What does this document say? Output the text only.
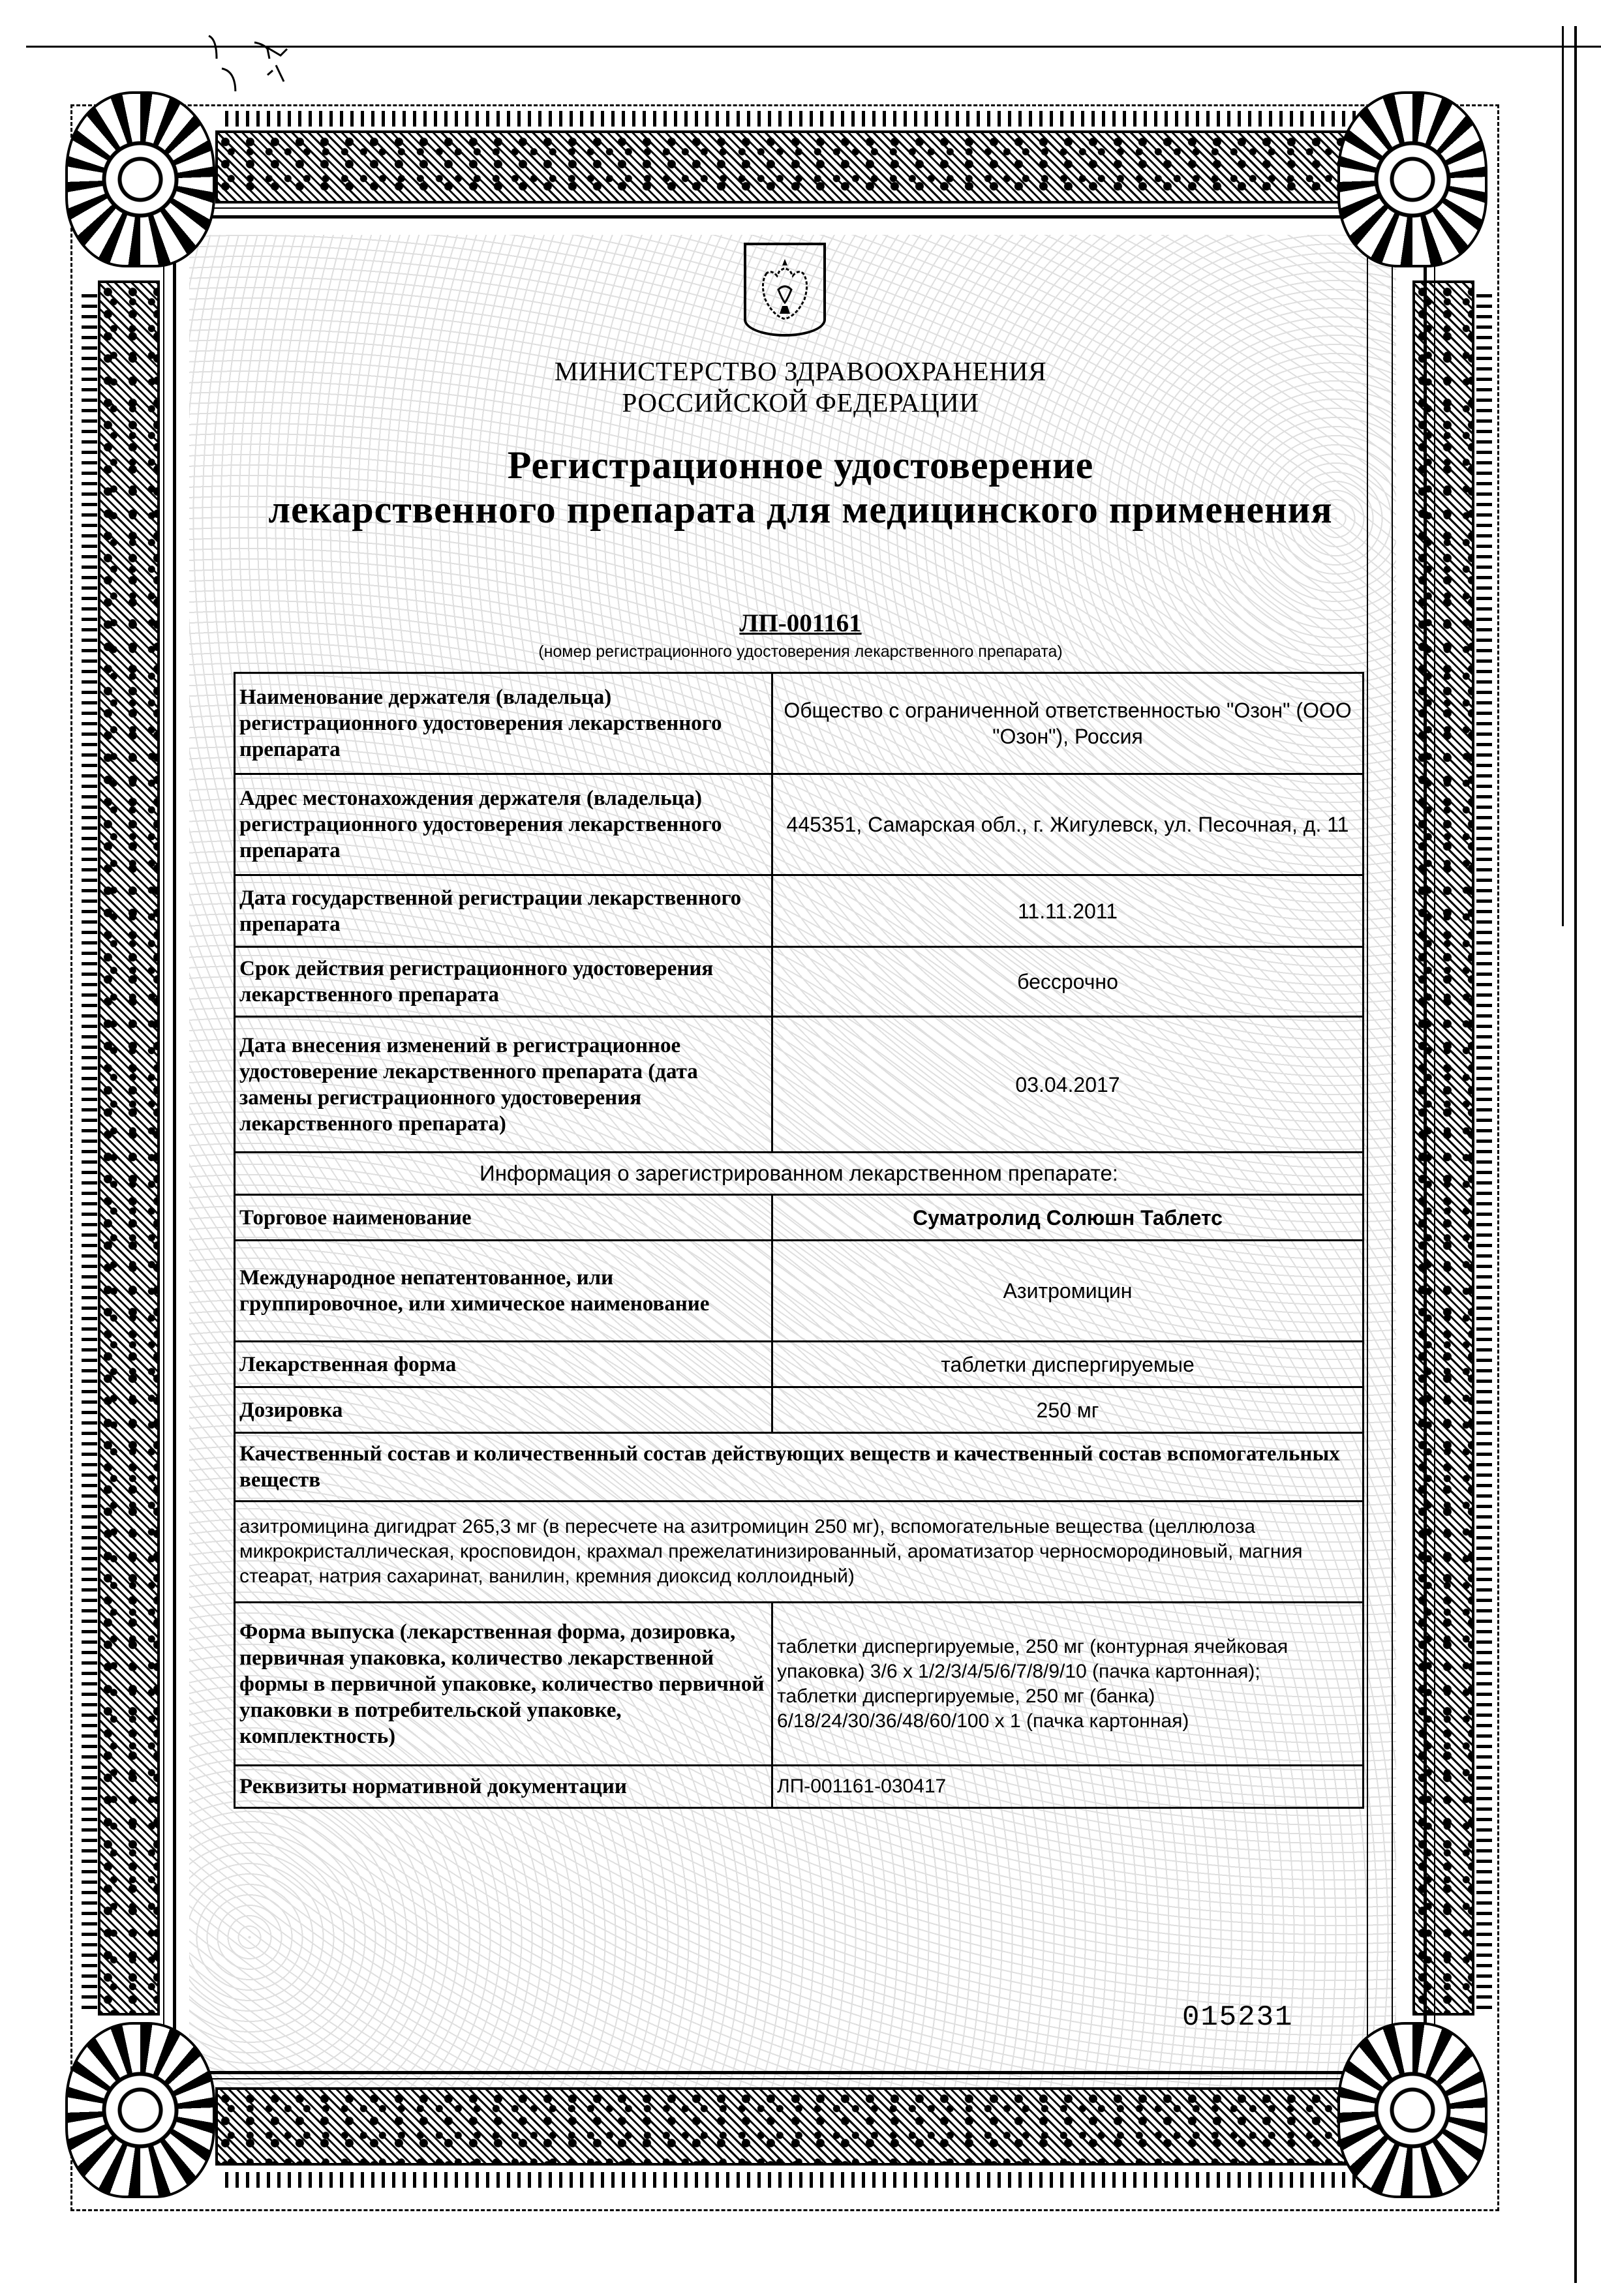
МИНИСТЕРСТВО ЗДРАВООХРАНЕНИЯ
РОССИЙСКОЙ ФЕДЕРАЦИИ
Регистрационное удостоверение
лекарственного препарата для медицинского применения
ЛП-001161
(номер регистрационного удостоверения лекарственного препарата)
Наименование держателя (владельца) регистрационного удостоверения лекарственного препарата	Общество с ограниченной ответственностью "Озон" (ООО "Озон"), Россия
Адрес местонахождения держателя (владельца) регистрационного удостоверения лекарственного препарата	445351, Самарская обл., г. Жигулевск, ул. Песочная, д. 11
Дата государственной регистрации лекарственного препарата	11.11.2011
Срок действия регистрационного удостоверения лекарственного препарата	бессрочно
Дата внесения изменений в регистрационное удостоверение лекарственного препарата (дата замены регистрационного удостоверения лекарственного препарата)	03.04.2017
Информация о зарегистрированном лекарственном препарате:	
Торговое наименование	Суматролид Солюшн Таблетс
Международное непатентованное, или группировочное, или химическое наименование	Азитромицин
Лекарственная форма	таблетки диспергируемые
Дозировка	250 мг
Качественный состав и количественный состав действующих веществ и качественный состав вспомогательных веществ	
азитромицина дигидрат 265,3 мг (в пересчете на азитромицин 250 мг), вспомогательные вещества (целлюлоза микрокристаллическая, кросповидон, крахмал прежелатинизированный, ароматизатор черносмородиновый, магния стеарат, натрия сахаринат, ванилин, кремния диоксид коллоидный)	
Форма выпуска (лекарственная форма, дозировка, первичная упаковка, количество лекарственной формы в первичной упаковке, количество первичной упаковки в потребительской упаковке, комплектность)	таблетки диспергируемые, 250 мг (контурная ячейковая упаковка) 3/6 x 1/2/3/4/5/6/7/8/9/10 (пачка картонная);
таблетки диспергируемые, 250 мг (банка) 6/18/24/30/36/48/60/100 x 1 (пачка картонная)

Реквизиты нормативной документации	ЛП-001161-030417
015231
